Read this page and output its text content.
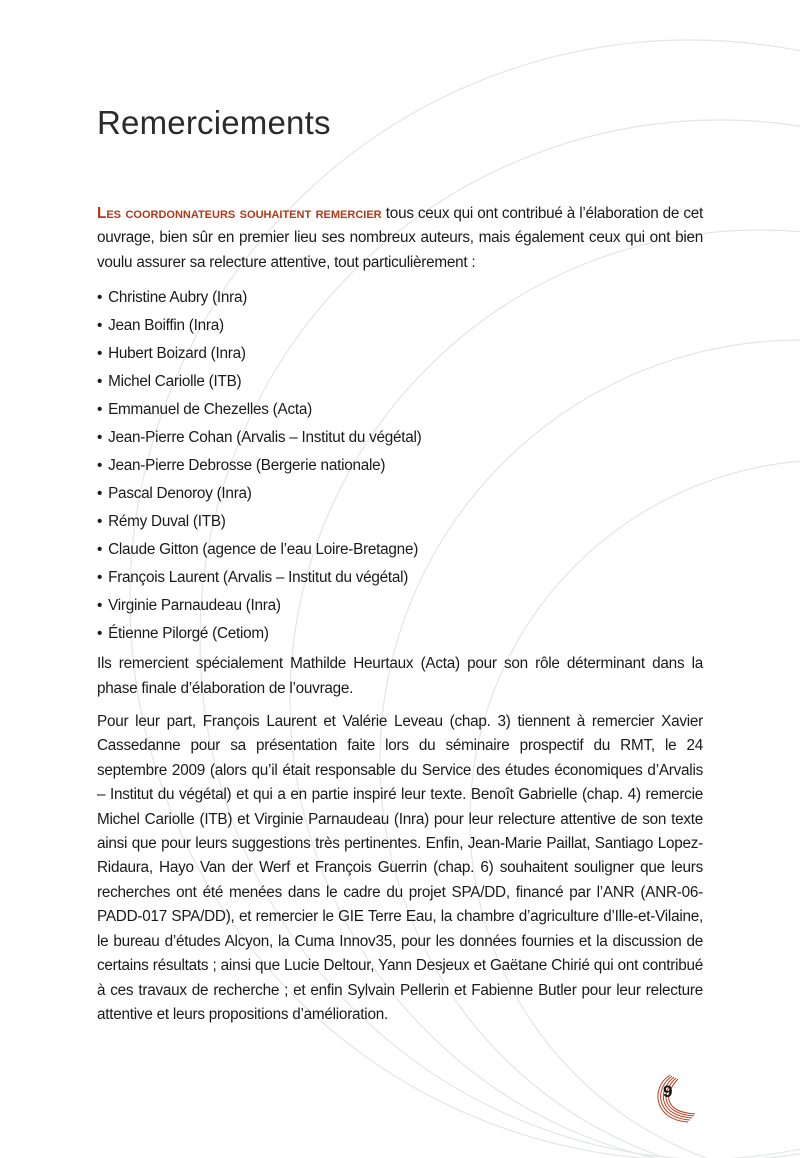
Remerciements

Les coordonnateurs souhaitent remercier tous ceux qui ont contribué à l’élaboration de cet ouvrage, bien sûr en premier lieu ses nombreux auteurs, mais également ceux qui ont bien voulu assurer sa relecture attentive, tout particulièrement :

• Christine Aubry (Inra)
• Jean Boiffin (Inra)
• Hubert Boizard (Inra)
• Michel Cariolle (ITB)
• Emmanuel de Chezelles (Acta)
• Jean-Pierre Cohan (Arvalis – Institut du végétal)
• Jean-Pierre Debrosse (Bergerie nationale)
• Pascal Denoroy (Inra)
• Rémy Duval (ITB)
• Claude Gitton (agence de l’eau Loire-Bretagne)
• François Laurent (Arvalis – Institut du végétal)
• Virginie Parnaudeau (Inra)
• Étienne Pilorgé (Cetiom)

Ils remercient spécialement Mathilde Heurtaux (Acta) pour son rôle déterminant dans la phase finale d’élaboration de l’ouvrage.

Pour leur part, François Laurent et Valérie Leveau (chap. 3) tiennent à remercier Xavier Cassedanne pour sa présentation faite lors du séminaire prospectif du RMT, le 24 septembre 2009 (alors qu’il était responsable du Service des études économiques d’Arvalis – Institut du végétal) et qui a en partie inspiré leur texte. Benoît Gabrielle (chap. 4) remercie Michel Cariolle (ITB) et Virginie Parnaudeau (Inra) pour leur relecture attentive de son texte ainsi que pour leurs suggestions très pertinentes. Enfin, Jean-Marie Paillat, Santiago Lopez-Ridaura, Hayo Van der Werf et François Guerrin (chap. 6) souhaitent souligner que leurs recherches ont été menées dans le cadre du projet SPA/DD, financé par l’ANR (ANR-06-PADD-017 SPA/DD), et remercier le GIE Terre Eau, la chambre d’agriculture d’Ille-et-Vilaine, le bureau d’études Alcyon, la Cuma Innov35, pour les données fournies et la discussion de certains résultats ; ainsi que Lucie Deltour, Yann Desjeux et Gaëtane Chirié qui ont contribué à ces travaux de recherche ; et enfin Sylvain Pellerin et Fabienne Butler pour leur relecture attentive et leurs propositions d’amélioration.

9
